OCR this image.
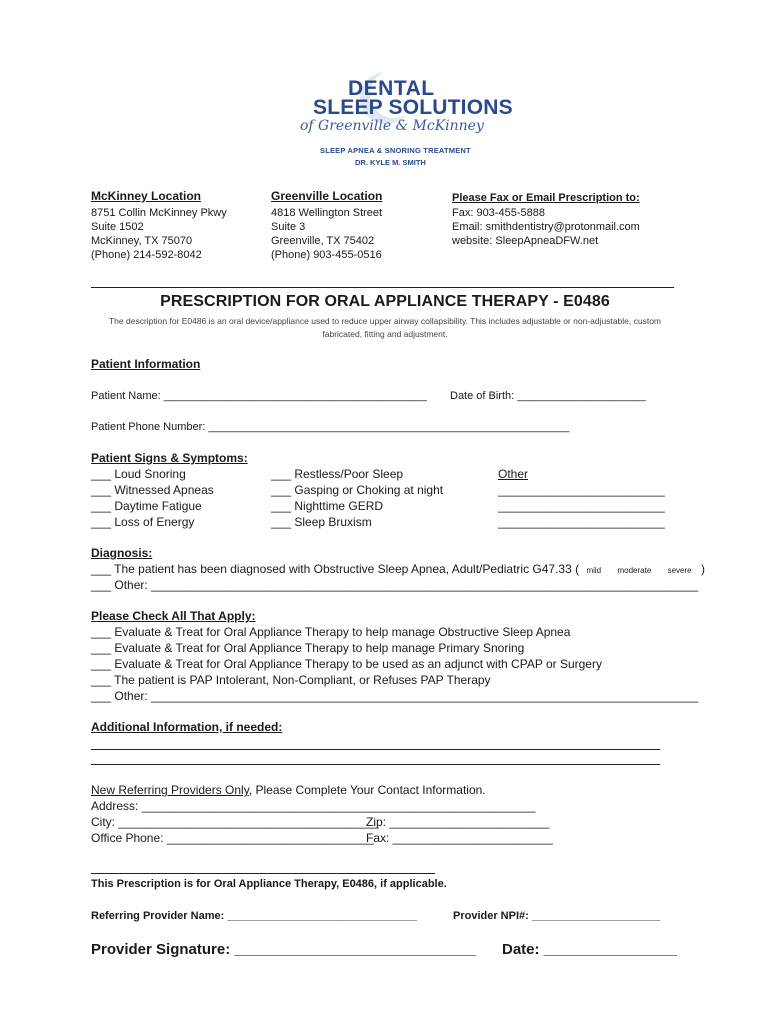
DENTAL
SLEEP SOLUTIONS
of Greenville & McKinney
SLEEP APNEA & SNORING TREATMENT
DR. KYLE M. SMITH
McKinney Location
8751 Collin McKinney Pkwy
Suite 1502
McKinney, TX 75070
(Phone) 214-592-8042
Greenville Location
4818 Wellington Street
Suite 3
Greenville, TX 75402
(Phone) 903-455-0516
Please Fax or Email Prescription to:
Fax: 903-455-5888
Email: smithdentistry@protonmail.com
website: SleepApneaDFW.net
PRESCRIPTION FOR ORAL APPLIANCE THERAPY - E0486
The description for E0486 is an oral device/appliance used to reduce upper airway collapsibility. This includes adjustable or non-adjustable, custom fabricated, fitting and adjustment.
Patient Information
Patient Name: ___________________________________________ Date of Birth: _____________________
Patient Phone Number: ___________________________________________________________
Patient Signs & Symptoms:
___ Loud Snoring
___ Witnessed Apneas
___ Daytime Fatigue
___ Loss of Energy
___ Restless/Poor Sleep
___ Gasping or Choking at night
___ Nighttime GERD
___ Sleep Bruxism
Other
_________________________
_________________________
_________________________
Diagnosis:
___ The patient has been diagnosed with Obstructive Sleep Apnea, Adult/Pediatric G47.33 ( mild moderate severe )
___ Other: __________________________________________________________________________________
Please Check All That Apply:
___ Evaluate & Treat for Oral Appliance Therapy to help manage Obstructive Sleep Apnea
___ Evaluate & Treat for Oral Appliance Therapy to help manage Primary Snoring
___ Evaluate & Treat for Oral Appliance Therapy to be used as an adjunct with CPAP or Surgery
___ The patient is PAP Intolerant, Non-Compliant, or Refuses PAP Therapy
___ Other: __________________________________________________________________________________
Additional Information, if needed:
New Referring Providers Only, Please Complete Your Contact Information.
Address: ___________________________________________________________
City: _______________________________________
Zip: ________________________
Office Phone: _______________________________
Fax: ________________________
This Prescription is for Oral Appliance Therapy, E0486, if applicable.
Referring Provider Name: _______________________________	Provider NPI#: _____________________
Provider Signature: _____________________________ Date: ________________
